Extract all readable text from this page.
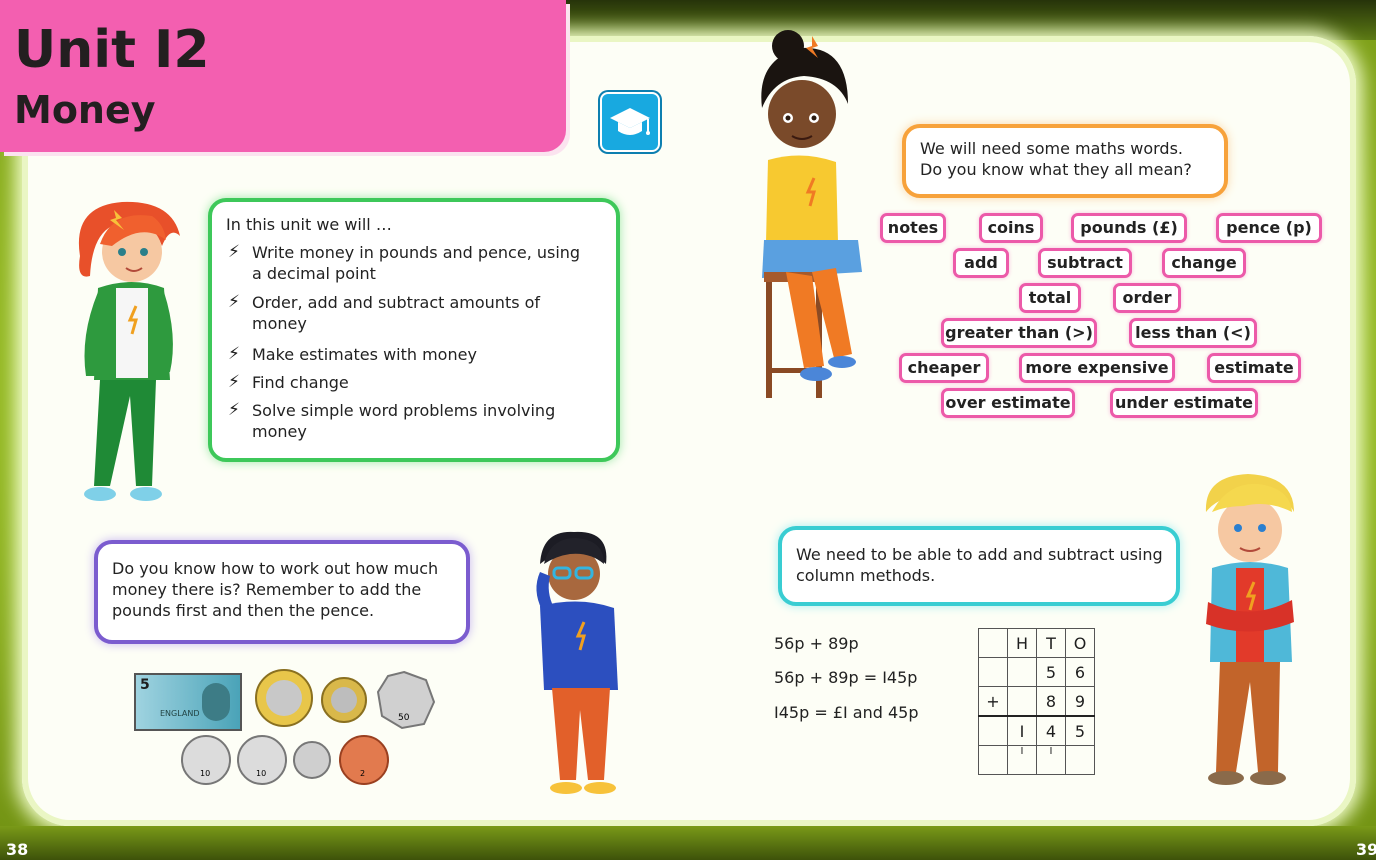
38	39
Unit I2
Money
In this unit we will …
⚡ Write money in pounds and pence, using a decimal point
⚡ Order, add and subtract amounts of money
⚡ Make estimates with money
⚡ Find change
⚡ Solve simple word problems involving money
Do you know how to work out how much money there is? Remember to add the pounds first and then the pence.
5
ENGLAND	50
10	10	2
We will need some maths words. Do you know what they all mean?
notes	coins	pounds (£)	pence (p)
add	subtract	change
total	order
greater than (>)	less than (<)
cheaper	more expensive	estimate
over estimate	under estimate
We need to be able to add and subtract using column methods.
56p + 89p
56p + 89p = I45p
I45p = £I and 45p
	H	T	O
		5	6
+		8	9
	I	4	5
	I	I	
